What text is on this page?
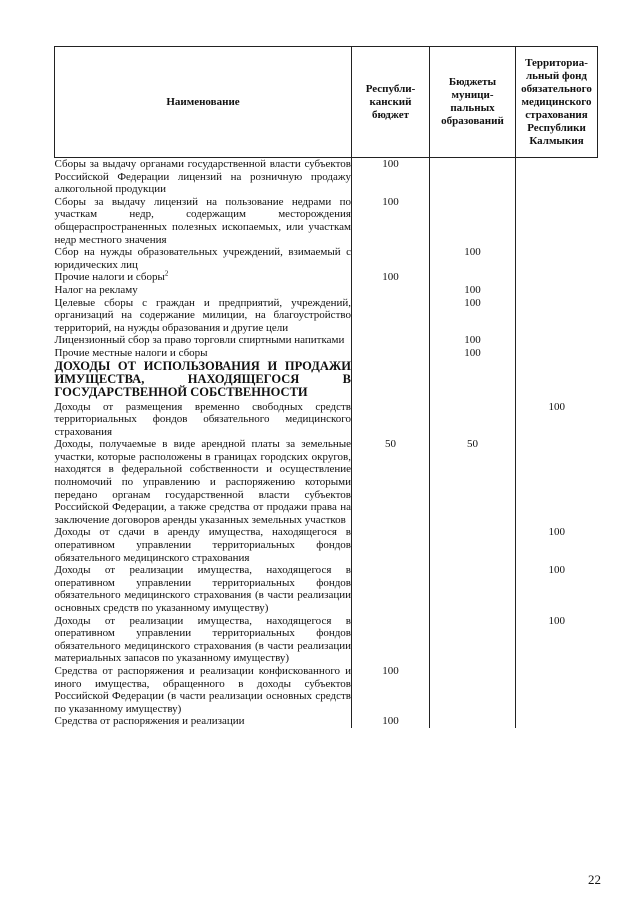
Наименование	Республи-канский бюджет	Бюджеты муници-пальных образований	Территориа-льный фонд обязательного медицинского страхования Республики Калмыкия
Сборы за выдачу органами государственной власти субъектов Российской Федерации лицензий на розничную продажу алкогольной продукции	100		
Сборы за выдачу лицензий на пользование недрами по участкам недр, содержащим месторождения общераспространенных полезных ископаемых, или участкам недр местного значения	100		
Сбор на нужды образовательных учреждений, взимаемый с юридических лиц		100	
Прочие налоги и сборы$^2$	100		
Налог на рекламу		100	
Целевые сборы с граждан и предприятий, учреждений, организаций на содержание милиции, на благоустройство территорий, на нужды образования и другие цели		100	
Лицензионный сбор за право торговли спиртными напитками		100	
Прочие местные налоги и сборы		100	
ДОХОДЫ ОТ ИСПОЛЬЗОВАНИЯ И ПРОДАЖИ ИМУЩЕСТВА, НАХОДЯЩЕГОСЯ В ГОСУДАРСТВЕННОЙ СОБСТВЕННОСТИ			
Доходы от размещения временно свободных средств территориальных фондов обязательного медицинского страхования			100
Доходы, получаемые в виде арендной платы за земельные участки, которые расположены в границах городских округов, находятся в федеральной собственности и осуществление полномочий по управлению и распоряжению которыми передано органам государственной власти субъектов Российской Федерации, а также средства от продажи права на заключение договоров аренды указанных земельных участков	50	50	
Доходы от сдачи в аренду имущества, находящегося в оперативном управлении территориальных фондов обязательного медицинского страхования			100
Доходы от реализации имущества, находящегося в оперативном управлении территориальных фондов обязательного медицинского страхования (в части реализации основных средств по указанному имуществу)			100
Доходы от реализации имущества, находящегося в оперативном управлении территориальных фондов обязательного медицинского страхования (в части реализации материальных запасов по указанному имуществу)			100
Средства от распоряжения и реализации конфискованного и иного имущества, обращенного в доходы субъектов Российской Федерации (в части реализации основных средств по указанному имуществу)	100		
Средства от распоряжения и реализации	100		
22
